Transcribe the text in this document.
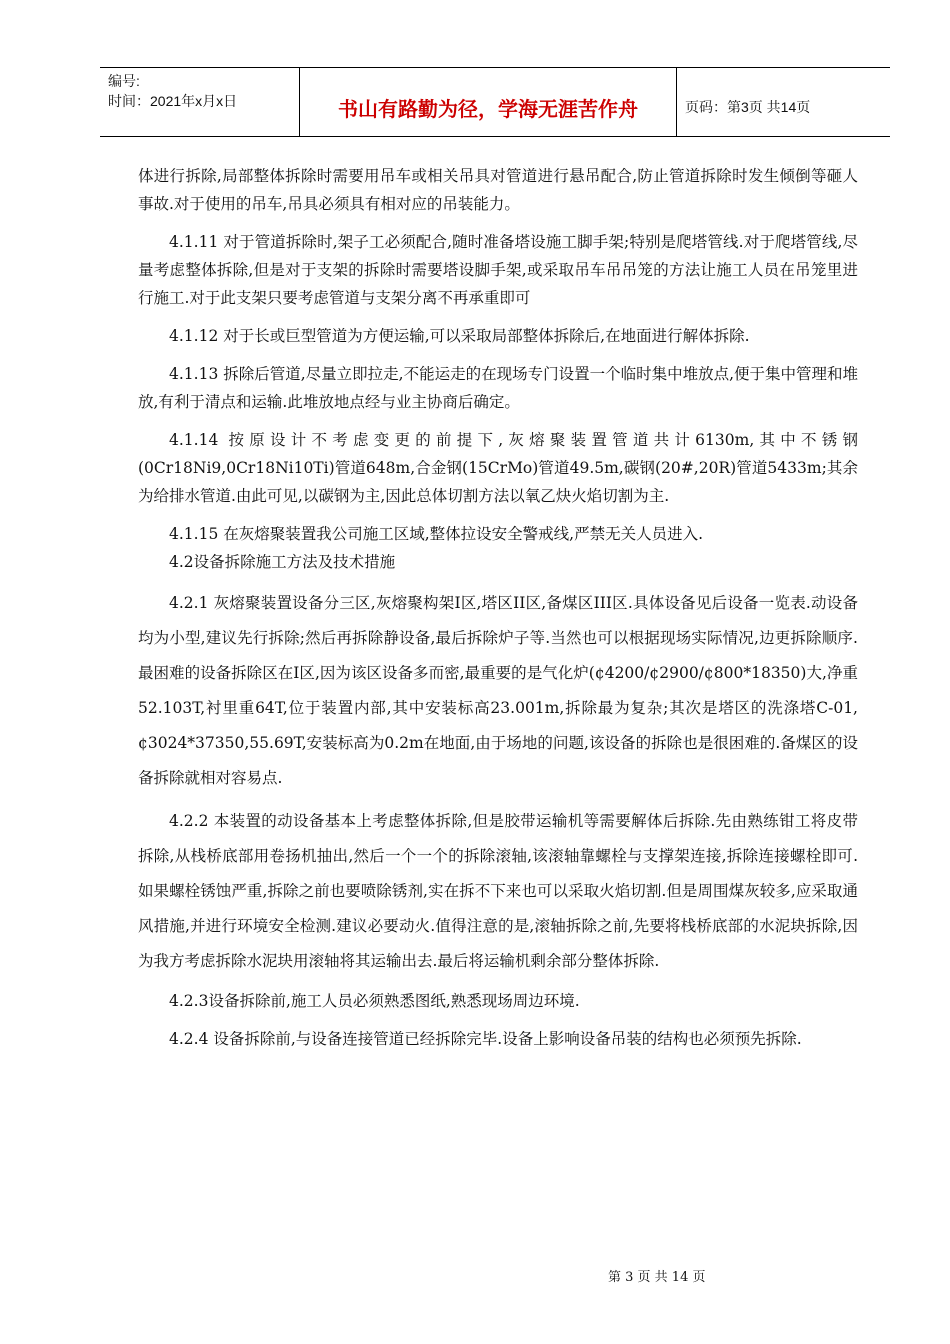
编号:
时间：2021年x月x日	书山有路勤为径，学海无涯苦作舟	页码：第3页 共14页

体进行拆除,局部整体拆除时需要用吊车或相关吊具对管道进行悬吊配合,防止管道拆除时发生倾倒等砸人事故.对于使用的吊车,吊具必须具有相对应的吊装能力。

4.1.11 对于管道拆除时,架子工必须配合,随时准备塔设施工脚手架;特别是爬塔管线.对于爬塔管线,尽量考虑整体拆除,但是对于支架的拆除时需要塔设脚手架,或采取吊车吊吊笼的方法让施工人员在吊笼里进行施工.对于此支架只要考虑管道与支架分离不再承重即可

4.1.12 对于长或巨型管道为方便运输,可以采取局部整体拆除后,在地面进行解体拆除.

4.1.13 拆除后管道,尽量立即拉走,不能运走的在现场专门设置一个临时集中堆放点,便于集中管理和堆放,有利于清点和运输.此堆放地点经与业主协商后确定。

4.1.14 按原设计不考虑变更的前提下,灰熔聚装置管道共计6130m,其中不锈钢(0Cr18Ni9,0Cr18Ni10Ti)管道648m,合金钢(15CrMo)管道49.5m,碳钢(20#,20R)管道5433m;其余为给排水管道.由此可见,以碳钢为主,因此总体切割方法以氧乙炔火焰切割为主.

4.1.15 在灰熔聚装置我公司施工区域,整体拉设安全警戒线,严禁无关人员进入.

4.2设备拆除施工方法及技术措施

4.2.1 灰熔聚装置设备分三区,灰熔聚构架Ⅰ区,塔区II区,备煤区III区.具体设备见后设备一览表.动设备均为小型,建议先行拆除;然后再拆除静设备,最后拆除炉子等.当然也可以根据现场实际情况,边更拆除顺序.最困难的设备拆除区在Ⅰ区,因为该区设备多而密,最重要的是气化炉(¢4200/¢2900/¢800*18350)大,净重52.103T,衬里重64T,位于装置内部,其中安装标高23.001m,拆除最为复杂;其次是塔区的洗涤塔C-01,¢3024*37350,55.69T,安装标高为0.2m在地面,由于场地的问题,该设备的拆除也是很困难的.备煤区的设备拆除就相对容易点.

4.2.2 本装置的动设备基本上考虑整体拆除,但是胶带运输机等需要解体后拆除.先由熟练钳工将皮带拆除,从栈桥底部用卷扬机抽出,然后一个一个的拆除滚轴,该滚轴靠螺栓与支撑架连接,拆除连接螺栓即可.如果螺栓锈蚀严重,拆除之前也要喷除锈剂,实在拆不下来也可以采取火焰切割.但是周围煤灰较多,应采取通风措施,并进行环境安全检测.建议必要动火.值得注意的是,滚轴拆除之前,先要将栈桥底部的水泥块拆除,因为我方考虑拆除水泥块用滚轴将其运输出去.最后将运输机剩余部分整体拆除.

4.2.3设备拆除前,施工人员必须熟悉图纸,熟悉现场周边环境.

4.2.4 设备拆除前,与设备连接管道已经拆除完毕.设备上影响设备吊装的结构也必须预先拆除.

第 3 页 共 14 页
